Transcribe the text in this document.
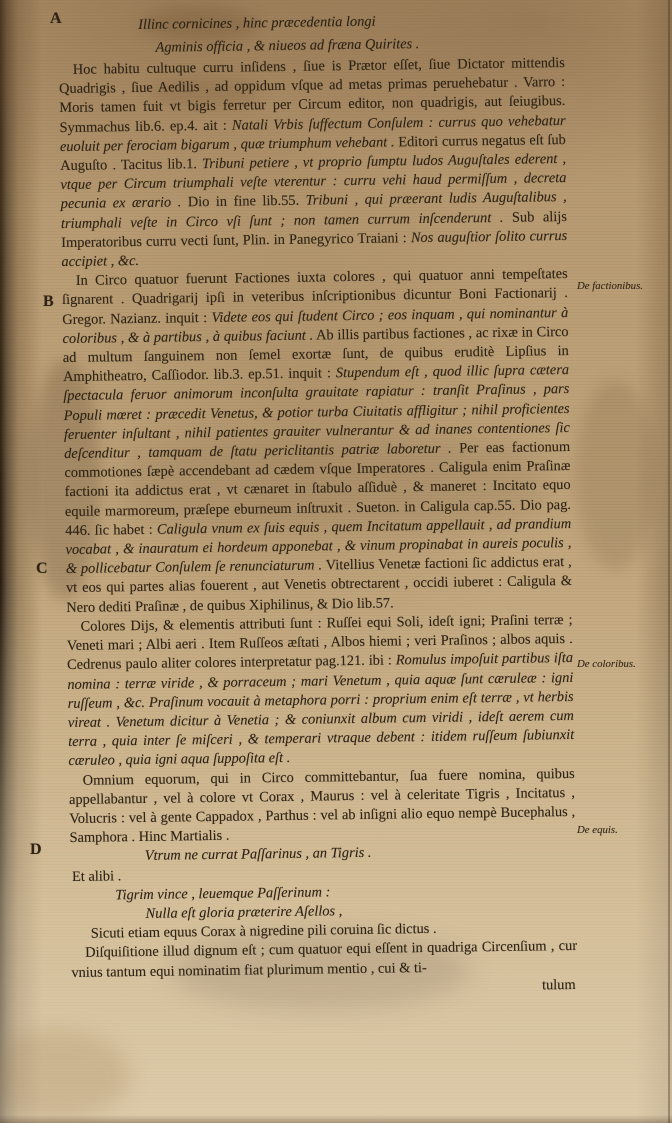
A
B
C
D
De factionibus.
De coloribus.
De equis.

Illinc cornicines , hinc præcedentia longi

Agminis officia , & niueos ad fræna Quirites .

Hoc habitu cultuque curru inſidens , ſiue is Prætor eſſet, ſiue Dictator mittendis Quadrigis , ſiue Aedilis , ad oppidum vſque ad metas primas peruehebatur . Varro : Moris tamen fuit vt bigis ferretur per Circum editor, non quadrigis, aut ſeiugibus. Symmachus lib.6. ep.4. ait : Natali Vrbis ſuffectum Conſulem : currus quo vehebatur euoluit per ferociam bigarum , quæ triumphum vehebant . Editori currus negatus eſt ſub Auguſto . Tacitus lib.1. Tribuni petiere , vt proprio ſumptu ludos Auguſtales ederent , vtque per Circum triumphali veſte vterentur : curru vehi haud permiſſum , decreta pecunia ex ærario . Dio in fine lib.55. Tribuni , qui præerant ludis Auguſtalibus , triumphali veſte in Circo vſi ſunt ; non tamen currum inſcenderunt . Sub alijs Imperatoribus curru vecti ſunt, Plin. in Panegyrico Traiani : Nos auguſtior ſolito currus accipiet , &c.

In Circo quatuor fuerunt Factiones iuxta colores , qui quatuor anni tempeſtates ſignarent . Quadrigarij ipſi in veteribus inſcriptionibus dicuntur Boni Factionarij . Gregor. Nazianz. inquit : Videte eos qui ſtudent Circo ; eos inquam , qui nominantur à coloribus , & à partibus , à quibus faciunt . Ab illis partibus factiones , ac rixæ in Circo ad multum ſanguinem non ſemel exortæ ſunt, de quibus eruditè Lipſius in Amphitheatro, Caſſiodor. lib.3. ep.51. inquit : Stupendum eſt , quod illic ſupra cætera ſpectacula feruor animorum inconſulta grauitate rapiatur : tranſit Praſinus , pars Populi mœret : præcedit Venetus, & potior turba Ciuitatis affligitur ; nihil proficientes feruenter inſultant , nihil patientes grauiter vulnerantur & ad inanes contentiones ſic deſcenditur , tamquam de ſtatu periclitantis patriæ laboretur . Per eas factionum commotiones ſæpè accendebant ad cædem vſque Imperatores . Caligula enim Praſinæ factioni ita addictus erat , vt cænaret in ſtabulo aſſiduè , & maneret : Incitato equo equile marmoreum, præſepe eburneum inſtruxit . Sueton. in Caligula cap.55. Dio pag. 446. ſic habet : Caligula vnum ex ſuis equis , quem Incitatum appellauit , ad prandium vocabat , & inauratum ei hordeum apponebat , & vinum propinabat in aureis poculis , & pollicebatur Conſulem ſe renunciaturum . Vitellius Venetæ factioni ſic addictus erat , vt eos qui partes alias fouerent , aut Venetis obtrectarent , occidi iuberet : Caligula & Nero dediti Praſinæ , de quibus Xiphilinus, & Dio lib.57.

Colores Dijs, & elementis attributi ſunt : Ruſſei equi Soli, ideſt igni; Praſini terræ ; Veneti mari ; Albi aeri . Item Ruſſeos æſtati , Albos hiemi ; veri Praſinos ; albos aquis . Cedrenus paulo aliter colores interpretatur pag.121. ibi : Romulus impoſuit partibus iſta nomina : terræ viride , & porraceum ; mari Venetum , quia aquæ ſunt cæruleæ : igni ruſſeum , &c. Praſinum vocauit à metaphora porri : proprium enim eſt terræ , vt herbis vireat . Venetum dicitur à Venetia ; & coniunxit album cum viridi , ideſt aerem cum terra , quia inter ſe miſceri , & temperari vtraque debent : itidem ruſſeum ſubiunxit cæruleo , quia igni aqua ſuppoſita eſt .

Omnium equorum, qui in Circo committebantur, ſua fuere nomina, quibus appellabantur , vel à colore vt Corax , Maurus : vel à celeritate Tigris , Incitatus , Volucris : vel à gente Cappadox , Parthus : vel ab inſigni alio equo nempè Bucephalus , Samphora . Hinc Martialis .

Vtrum ne currat Paſſarinus , an Tigris .

Et alibi .

Tigrim vince , leuemque Paſſerinum :

Nulla eſt gloria præterire Aſellos ,

Sicuti etiam equus Corax à nigredine pili coruina ſic dictus .

Diſquiſitione illud dignum eſt ; cum quatuor equi eſſent in quadriga Circenſium , cur vnius tantum equi nominatim fiat plurimum mentio , cui & ti-

tulum
